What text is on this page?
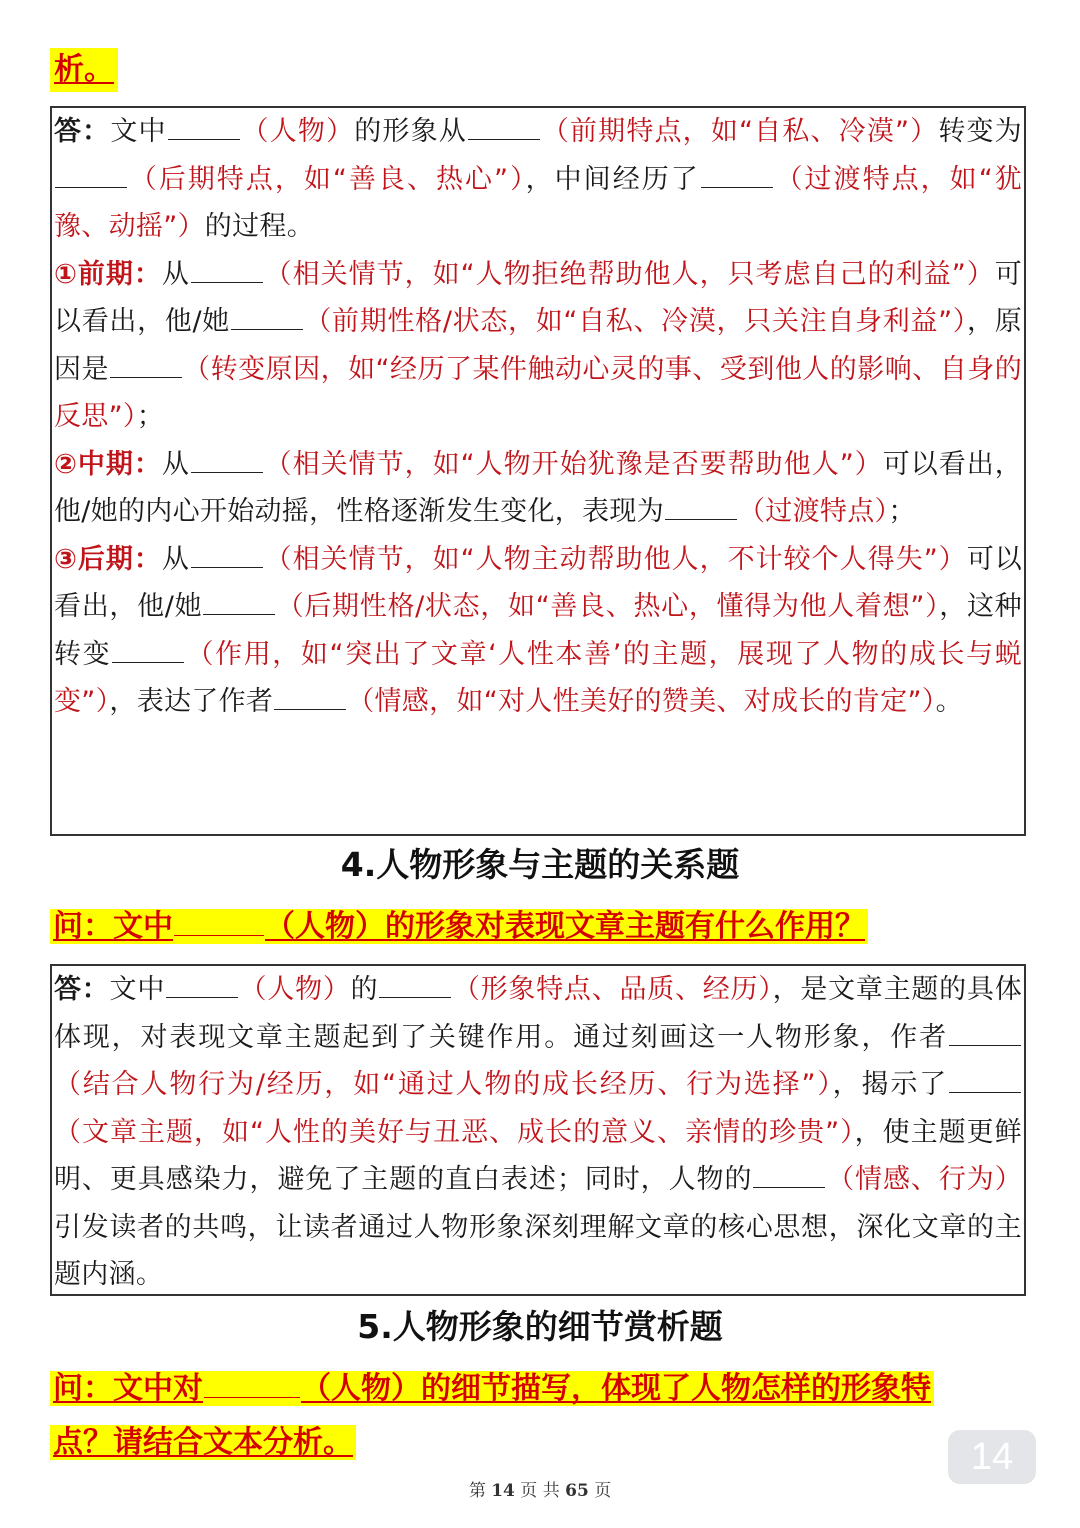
析。

答：文中	（人物）的形象从	（前期特点，如“自私、冷漠”）转变为（后期特点，如“善良、热心”），中间经历了	（过渡特点，如“犹豫、动摇”）的过程。

①前期：从	（相关情节，如“人物拒绝帮助他人，只考虑自己的利益”）可以看出，他/她	（前期性格/状态，如“自私、冷漠，只关注自身利益”），原因是	（转变原因，如“经历了某件触动心灵的事、受到他人的影响、自身的反思”）；

②中期：从	（相关情节，如“人物开始犹豫是否要帮助他人”）可以看出，他/她的内心开始动摇，性格逐渐发生变化，表现为	（过渡特点）；

③后期：从	（相关情节，如“人物主动帮助他人，不计较个人得失”）可以看出，他/她	（后期性格/状态，如“善良、热心，懂得为他人着想”），这种转变	（作用，如“突出了文章‘人性本善’的主题，展现了人物的成长与蜕变”），表达了作者	（情感，如“对人性美好的赞美、对成长的肯定”）。

4.人物形象与主题的关系题
问：文中	（人物）的形象对表现文章主题有什么作用？

答：文中	（人物）的	（形象特点、品质、经历），是文章主题的具体体现，对表现文章主题起到了关键作用。通过刻画这一人物形象，作者（结合人物行为/经历，如“通过人物的成长经历、行为选择”），揭示了（文章主题，如“人性的美好与丑恶、成长的意义、亲情的珍贵”），使主题更鲜明、更具感染力，避免了主题的直白表述；同时，人物的	（情感、行为）引发读者的共鸣，让读者通过人物形象深刻理解文章的核心思想，深化文章的主题内涵。

5.人物形象的细节赏析题
问：文中对	（人物）的细节描写，体现了人物怎样的形象特
点？请结合文本分析。	14
第 14 页 共 65 页
